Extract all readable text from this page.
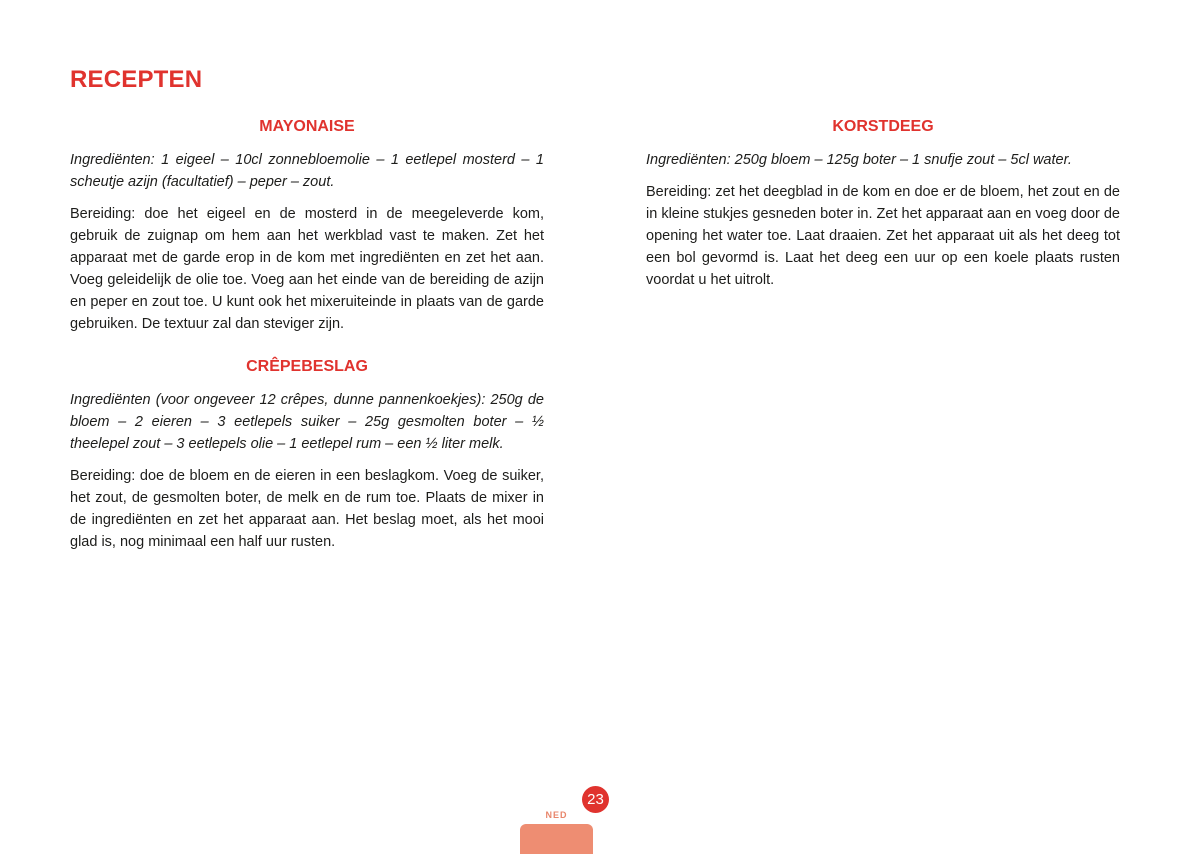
RECEPTEN
MAYONAISE

Ingrediënten: 1 eigeel – 10cl zonnebloemolie – 1 eetlepel mosterd – 1 scheutje azijn (facultatief) – peper – zout.

Bereiding: doe het eigeel en de mosterd in de meegeleverde kom, gebruik de zuignap om hem aan het werkblad vast te maken. Zet het apparaat met de garde erop in de kom met ingrediënten en zet het aan. Voeg geleidelijk de olie toe. Voeg aan het einde van de bereiding de azijn en peper en zout toe. U kunt ook het mixeruiteinde in plaats van de garde gebruiken. De textuur zal dan steviger zijn.

CRÊPEBESLAG

Ingrediënten (voor ongeveer 12 crêpes, dunne pannenkoekjes): 250g de bloem – 2 eieren – 3 eetlepels suiker – 25g gesmolten boter – ½ theelepel zout – 3 eetlepels olie – 1 eetlepel rum – een ½ liter melk.

Bereiding: doe de bloem en de eieren in een beslagkom. Voeg de suiker, het zout, de gesmolten boter, de melk en de rum toe. Plaats de mixer in de ingrediënten en zet het apparaat aan. Het beslag moet, als het mooi glad is, nog minimaal een half uur rusten.

KORSTDEEG

Ingrediënten: 250g bloem – 125g boter – 1 snufje zout – 5cl water.

Bereiding: zet het deegblad in de kom en doe er de bloem, het zout en de in kleine stukjes gesneden boter in. Zet het apparaat aan en voeg door de opening het water toe. Laat draaien. Zet het apparaat uit als het deeg tot een bol gevormd is. Laat het deeg een uur op een koele plaats rusten voordat u het uitrolt.

23
NED
